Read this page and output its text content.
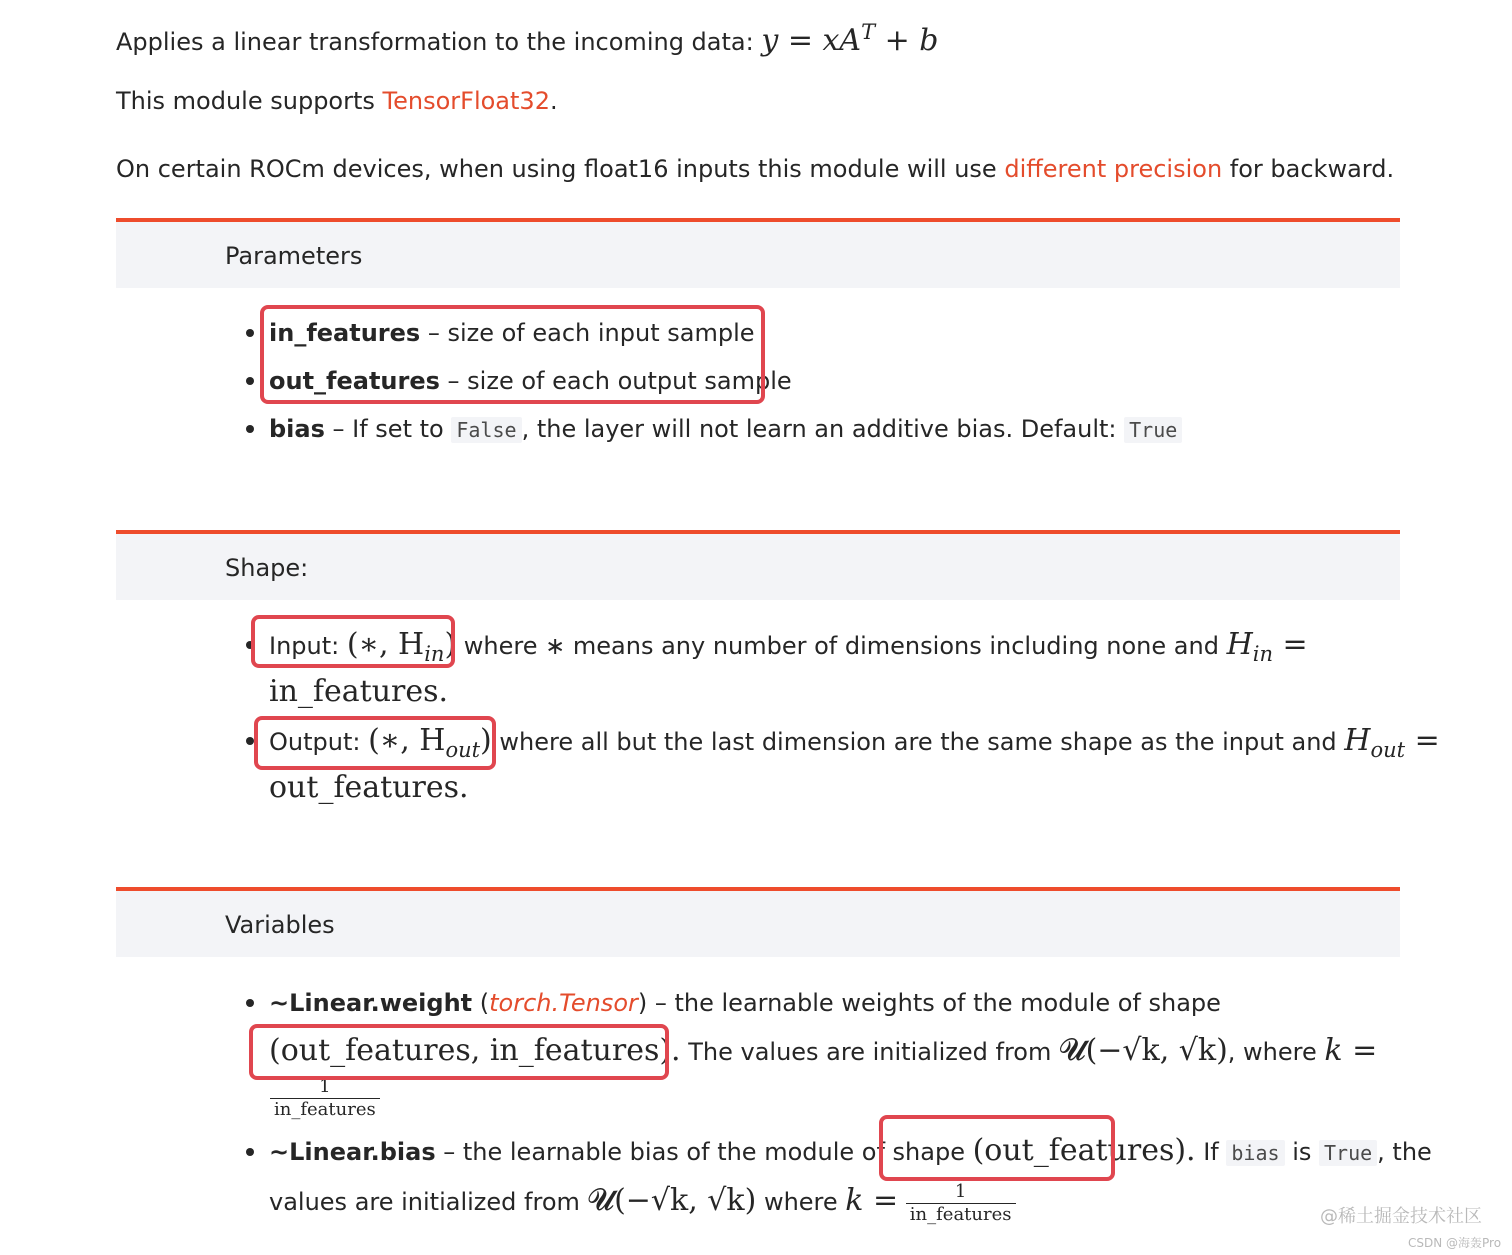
Applies a linear transformation to the incoming data: $y = xA^T + b$
This module supports TensorFloat32.
On certain ROCm devices, when using float16 inputs this module will use different precision for backward.
Parameters
in_features – size of each input sample
out_features – size of each output sample
bias – If set to False , the layer will not learn an additive bias. Default: True
Shape:
Input: (∗, $H_{in}$) where ∗ means any number of dimensions including none and $H_{in}$ =
in_features.
Output: (∗, $H_{out}$) where all but the last dimension are the same shape as the input and $H_{out}$ =
out_features.
Variables
~Linear.weight (torch.Tensor) – the learnable weights of the module of shape
(out_features, in_features). The values are initialized from 𝓤(−√k, √k), where k =
$\frac{1}{\text{in\_features}}$
~Linear.bias – the learnable bias of the module of shape (out_features). If bias is True , the
values are initialized from 𝓤(−√k, √k) where $k = \frac{1}{\text{in\_features}}$	@稀土掘金技术社区
CSDN @海轰Pro
